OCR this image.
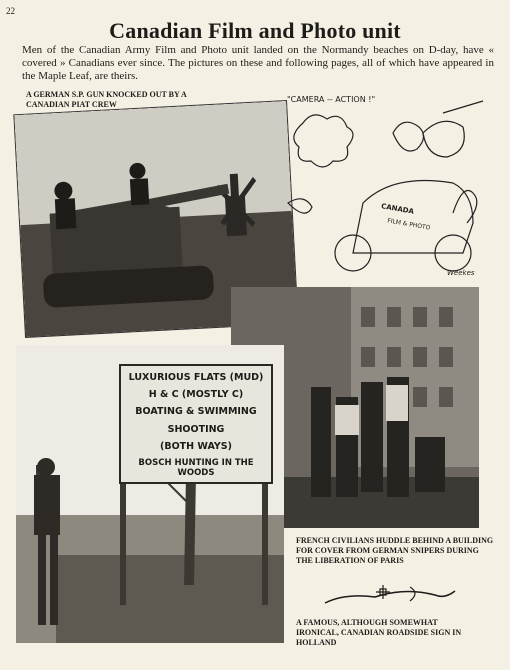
22
Canadian Film and Photo unit
Men of the Canadian Army Film and Photo unit landed on the Normandy beaches on D-day, have « covered » Canadians ever since. The pictures on these and following pages, all of which have appeared in the Maple Leaf, are theirs.
A GERMAN S.P. GUN KNOCKED OUT BY A CANADIAN PIAT CREW
"CAMERA -- ACTION !"
CANADA
FILM & PHOTO
Weekes
LUXURIOUS FLATS (MUD)
H & C (MOSTLY C)
BOATING & SWIMMING
SHOOTING
(BOTH WAYS)
BOSCH HUNTING IN THE WOODS
FRENCH CIVILIANS HUDDLE BEHIND A BUILDING FOR COVER FROM GERMAN SNIPERS DURING THE LIBERATION OF PARIS
A FAMOUS, ALTHOUGH SOMEWHAT IRONICAL, CANADIAN ROADSIDE SIGN IN HOLLAND
